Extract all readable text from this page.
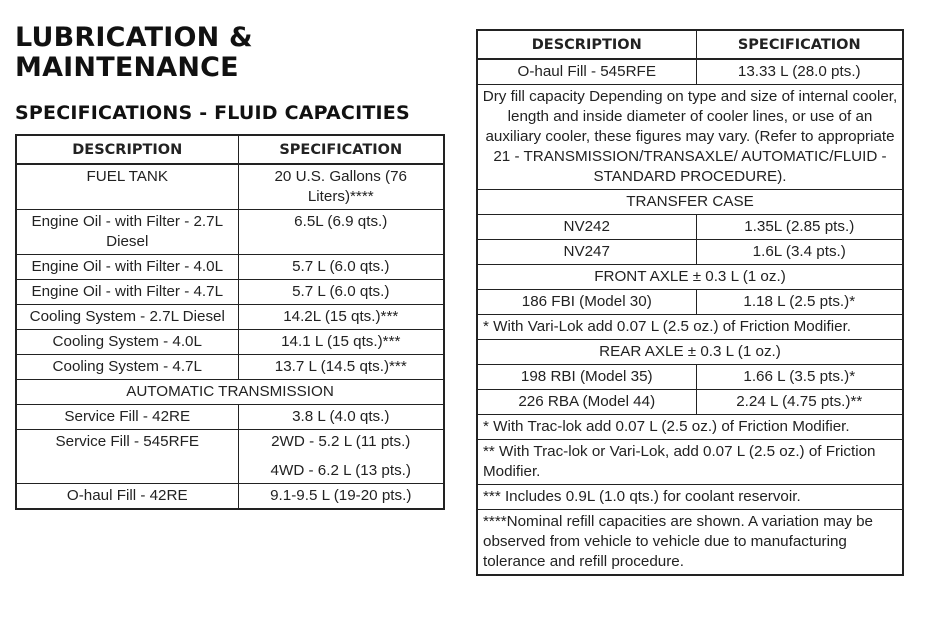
LUBRICATION &
MAINTENANCE
SPECIFICATIONS - FLUID CAPACITIES
DESCRIPTION	SPECIFICATION
FUEL TANK	20 U.S. Gallons (76 Liters)****
Engine Oil - with Filter - 2.7L Diesel	6.5L (6.9 qts.)
Engine Oil - with Filter - 4.0L	5.7 L (6.0 qts.)
Engine Oil - with Filter - 4.7L	5.7 L (6.0 qts.)
Cooling System - 2.7L Diesel	14.2L (15 qts.)***
Cooling System - 4.0L	14.1 L (15 qts.)***
Cooling System - 4.7L	13.7 L (14.5 qts.)***
AUTOMATIC TRANSMISSION	
Service Fill - 42RE	3.8 L (4.0 qts.)
Service Fill - 545RFE	2WD - 5.2 L (11 pts.)
4WD - 6.2 L (13 pts.)

O-haul Fill - 42RE	9.1-9.5 L (19-20 pts.)
DESCRIPTION	SPECIFICATION
O-haul Fill - 545RFE	13.33 L (28.0 pts.)
Dry fill capacity Depending on type and size of internal cooler, length and inside diameter of cooler lines, or use of an auxiliary cooler, these figures may vary. (Refer to appropriate 21 - TRANSMISSION/TRANSAXLE/ AUTOMATIC/FLUID - STANDARD PROCEDURE).	
TRANSFER CASE	
NV242	1.35L (2.85 pts.)
NV247	1.6L (3.4 pts.)
FRONT AXLE ± 0.3 L (1 oz.)	
186 FBI (Model 30)	1.18 L (2.5 pts.)*
* With Vari-Lok add 0.07 L (2.5 oz.) of Friction Modifier.	
REAR AXLE ± 0.3 L (1 oz.)	
198 RBI (Model 35)	1.66 L (3.5 pts.)*
226 RBA (Model 44)	2.24 L (4.75 pts.)**
* With Trac-lok add 0.07 L (2.5 oz.) of Friction Modifier.	
** With Trac-lok or Vari-Lok, add 0.07 L (2.5 oz.) of Friction Modifier.	
*** Includes 0.9L (1.0 qts.) for coolant reservoir.	
****Nominal refill capacities are shown. A variation may be observed from vehicle to vehicle due to manufacturing tolerance and refill procedure.	
